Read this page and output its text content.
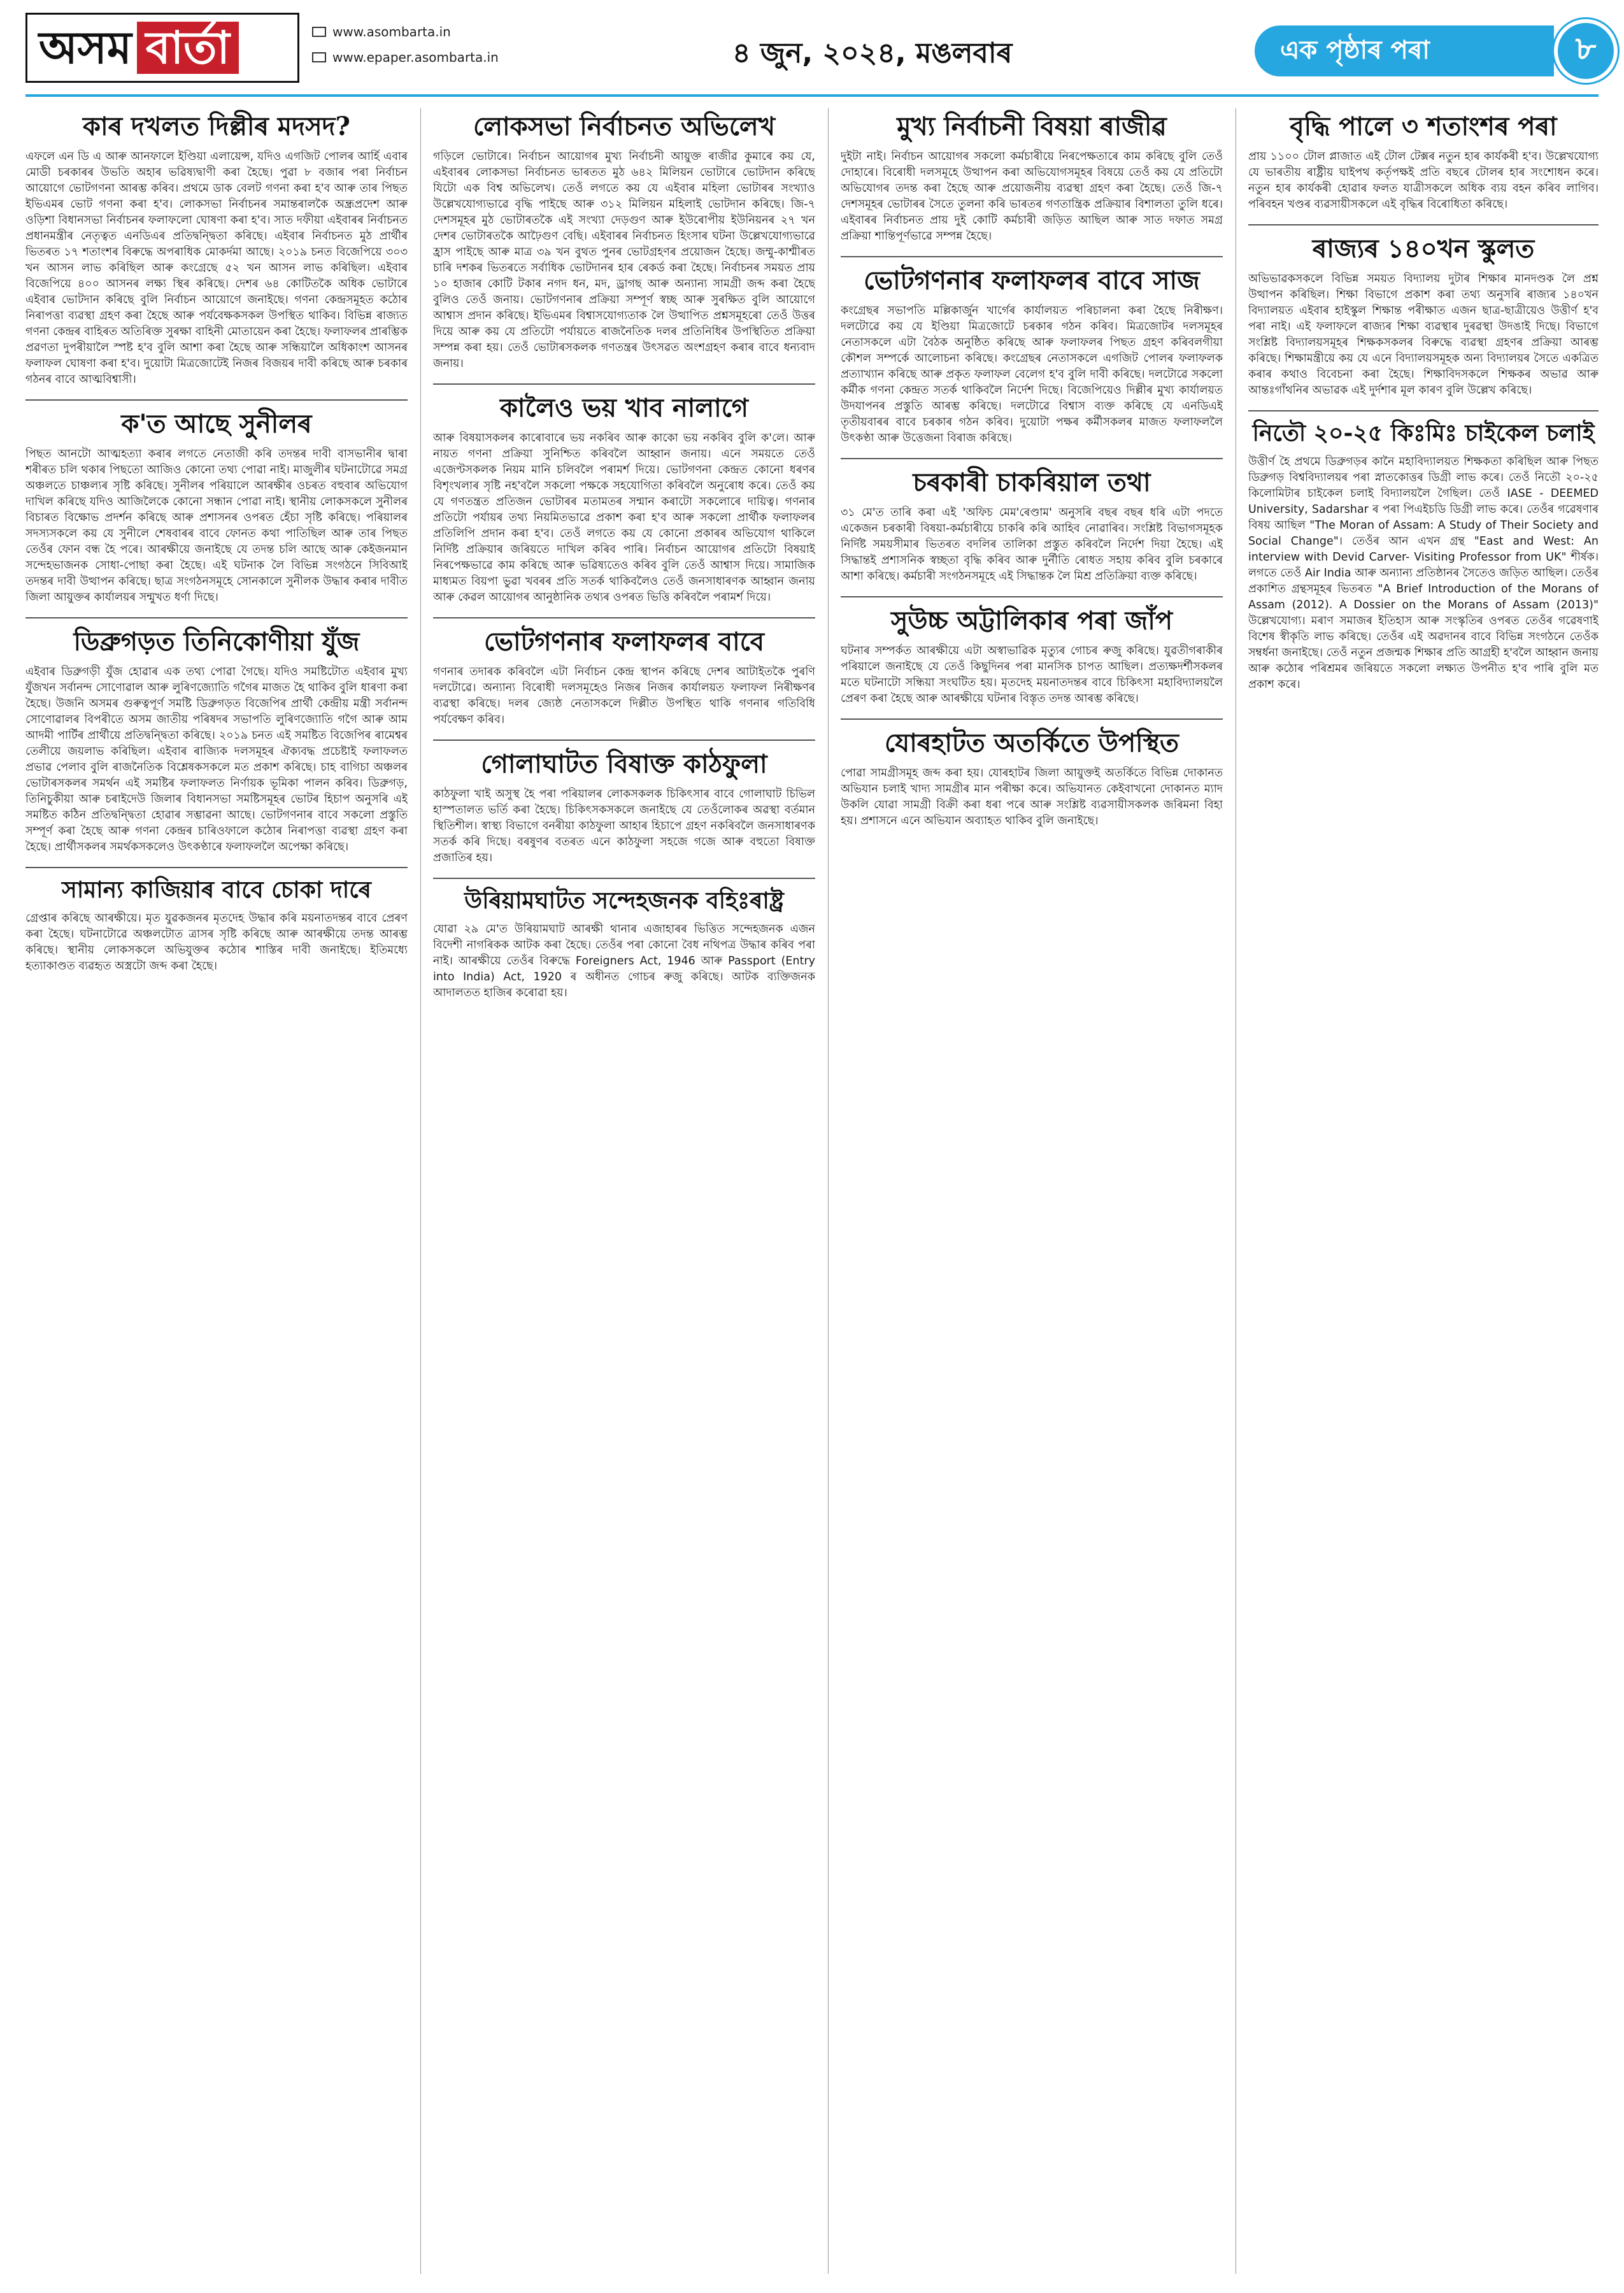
অসম বাৰ্তা	www.asombarta.in
www.epaper.asombarta.in	৪ জুন, ২০২৪, মঙলবাৰ	এক পৃষ্ঠাৰ পৰা	৮
কাৰ দখলত দিল্লীৰ মদসদ?
এফলে এন ডি এ আৰু আনফালে ইণ্ডিয়া এলায়েন্স, যদিও এগজিট পোলৰ আৰ্হি এবাৰ মোডী চৰকাৰৰ উভতি অহাৰ ভৱিষ্যদ্বাণী কৰা হৈছে। পুৱা ৮ বজাৰ পৰা নিৰ্বাচন আয়োগে ভোটগণনা আৰম্ভ কৰিব। প্ৰথমে ডাক বেলট গণনা কৰা হ'ব আৰু তাৰ পিছত ইভিএমৰ ভোট গণনা কৰা হ'ব। লোকসভা নিৰ্বাচনৰ সমান্তৰালকৈ অন্ধ্ৰপ্ৰদেশ আৰু ওড়িশা বিধানসভা নিৰ্বাচনৰ ফলাফলো ঘোষণা কৰা হ'ব। সাত দফীয়া এইবাৰৰ নিৰ্বাচনত প্ৰধানমন্ত্ৰীৰ নেতৃত্বত এনডিএৰ প্ৰতিদ্বন্দ্বিতা কৰিছে। এইবাৰ নিৰ্বাচনত মুঠ প্ৰাৰ্থীৰ ভিতৰত ১৭ শতাংশৰ বিৰুদ্ধে অপৰাধিক মোকৰ্দমা আছে। ২০১৯ চনত বিজেপিয়ে ৩০৩ খন আসন লাভ কৰিছিল আৰু কংগ্ৰেছে ৫২ খন আসন লাভ কৰিছিল। এইবাৰ বিজেপিয়ে ৪০০ আসনৰ লক্ষ্য স্থিৰ কৰিছে। দেশৰ ৬৪ কোটিতকৈ অধিক ভোটাৰে এইবাৰ ভোটদান কৰিছে বুলি নিৰ্বাচন আয়োগে জনাইছে। গণনা কেন্দ্ৰসমূহত কঠোৰ নিৰাপত্তা ব্যৱস্থা গ্ৰহণ কৰা হৈছে আৰু পৰ্যবেক্ষকসকল উপস্থিত থাকিব। বিভিন্ন ৰাজ্যত গণনা কেন্দ্ৰৰ বাহিৰত অতিৰিক্ত সুৰক্ষা বাহিনী মোতায়েন কৰা হৈছে। ফলাফলৰ প্ৰাৰম্ভিক প্ৰৱণতা দুপৰীয়ালৈ স্পষ্ট হ'ব বুলি আশা কৰা হৈছে আৰু সন্ধিয়ালৈ অধিকাংশ আসনৰ ফলাফল ঘোষণা কৰা হ'ব। দুয়োটা মিত্ৰজোটেই নিজৰ বিজয়ৰ দাবী কৰিছে আৰু চৰকাৰ গঠনৰ বাবে আত্মবিশ্বাসী।
ক'ত আছে সুনীলৰ
পিছত আনটো আত্মহত্যা কৰাৰ লগতে নেতাজী কৰি তদন্তৰ দাবী বাসভানীৰ দ্বাৰা শৰীৰত চলি থকাৰ পিছতো আজিও কোনো তথ্য পোৱা নাই। মাজুলীৰ ঘটনাটোৱে সমগ্ৰ অঞ্চলতে চাঞ্চল্যৰ সৃষ্টি কৰিছে। সুনীলৰ পৰিয়ালে আৰক্ষীৰ ওচৰত বহুবাৰ অভিযোগ দাখিল কৰিছে যদিও আজিলৈকে কোনো সন্ধান পোৱা নাই। স্থানীয় লোকসকলে সুনীলৰ বিচাৰত বিক্ষোভ প্ৰদৰ্শন কৰিছে আৰু প্ৰশাসনৰ ওপৰত হেঁচা সৃষ্টি কৰিছে। পৰিয়ালৰ সদস্যসকলে কয় যে সুনীলে শেষবাৰৰ বাবে ফোনত কথা পাতিছিল আৰু তাৰ পিছত তেওঁৰ ফোন বন্ধ হৈ পৰে। আৰক্ষীয়ে জনাইছে যে তদন্ত চলি আছে আৰু কেইজনমান সন্দেহভাজনক সোধা-পোছা কৰা হৈছে। এই ঘটনাক লৈ বিভিন্ন সংগঠনে সিবিআই তদন্তৰ দাবী উত্থাপন কৰিছে। ছাত্ৰ সংগঠনসমূহে সোনকালে সুনীলক উদ্ধাৰ কৰাৰ দাবীত জিলা আয়ুক্তৰ কাৰ্যালয়ৰ সন্মুখত ধৰ্ণা দিছে।
ডিব্ৰুগড়ত তিনিকোণীয়া যুঁজ
এইবাৰ ডিব্ৰুগড়ী যুঁজ হোৱাৰ এক তথ্য পোৱা গৈছে। যদিও সমষ্টিটোত এইবাৰ মুখ্য যুঁজখন সৰ্বানন্দ সোণোৱাল আৰু লুৰিণজ্যোতি গগৈৰ মাজত হৈ থাকিব বুলি ধাৰণা কৰা হৈছে। উজনি অসমৰ গুৰুত্বপূৰ্ণ সমষ্টি ডিব্ৰুগড়ত বিজেপিৰ প্ৰাৰ্থী কেন্দ্ৰীয় মন্ত্ৰী সৰ্বানন্দ সোণোৱালৰ বিপৰীতে অসম জাতীয় পৰিষদৰ সভাপতি লুৰিণজ্যোতি গগৈ আৰু আম আদমী পাৰ্টিৰ প্ৰাৰ্থীয়ে প্ৰতিদ্বন্দ্বিতা কৰিছে। ২০১৯ চনত এই সমষ্টিত বিজেপিৰ ৰামেশ্বৰ তেলীয়ে জয়লাভ কৰিছিল। এইবাৰ ৰাজ্যিক দলসমূহৰ ঐক্যবদ্ধ প্ৰচেষ্টাই ফলাফলত প্ৰভাৱ পেলাব বুলি ৰাজনৈতিক বিশ্লেষকসকলে মত প্ৰকাশ কৰিছে। চাহ বাগিচা অঞ্চলৰ ভোটাৰসকলৰ সমৰ্থন এই সমষ্টিৰ ফলাফলত নিৰ্ণায়ক ভূমিকা পালন কৰিব। ডিব্ৰুগড়, তিনিচুকীয়া আৰু চৰাইদেউ জিলাৰ বিধানসভা সমষ্টিসমূহৰ ভোটৰ হিচাপ অনুসৰি এই সমষ্টিত কঠিন প্ৰতিদ্বন্দ্বিতা হোৱাৰ সম্ভাৱনা আছে। ভোটগণনাৰ বাবে সকলো প্ৰস্তুতি সম্পূৰ্ণ কৰা হৈছে আৰু গণনা কেন্দ্ৰৰ চাৰিওফালে কঠোৰ নিৰাপত্তা ব্যৱস্থা গ্ৰহণ কৰা হৈছে। প্ৰাৰ্থীসকলৰ সমৰ্থকসকলেও উৎকণ্ঠাৰে ফলাফললৈ অপেক্ষা কৰিছে।
সামান্য কাজিয়াৰ বাবে চোকা দাৰে
গ্ৰেপ্তাৰ কৰিছে আৰক্ষীয়ে। মৃত যুৱকজনৰ মৃতদেহ উদ্ধাৰ কৰি ময়নাতদন্তৰ বাবে প্ৰেৰণ কৰা হৈছে। ঘটনাটোৱে অঞ্চলটোত ত্ৰাসৰ সৃষ্টি কৰিছে আৰু আৰক্ষীয়ে তদন্ত আৰম্ভ কৰিছে। স্থানীয় লোকসকলে অভিযুক্তৰ কঠোৰ শাস্তিৰ দাবী জনাইছে। ইতিমধ্যে হত্যাকাণ্ডত ব্যৱহৃত অস্ত্ৰটো জব্দ কৰা হৈছে।
লোকসভা নিৰ্বাচনত অভিলেখ
গড়িলে ভোটাৰে। নিৰ্বাচন আয়োগৰ মুখ্য নিৰ্বাচনী আয়ুক্ত ৰাজীৱ কুমাৰে কয় যে, এইবাৰৰ লোকসভা নিৰ্বাচনত ভাৰতত মুঠ ৬৪২ মিলিয়ন ভোটাৰে ভোটদান কৰিছে যিটো এক বিশ্ব অভিলেখ। তেওঁ লগতে কয় যে এইবাৰ মহিলা ভোটাৰৰ সংখ্যাও উল্লেখযোগ্যভাৱে বৃদ্ধি পাইছে আৰু ৩১২ মিলিয়ন মহিলাই ভোটদান কৰিছে। জি-৭ দেশসমূহৰ মুঠ ভোটাৰতকৈ এই সংখ্যা দেড়গুণ আৰু ইউৰোপীয় ইউনিয়নৰ ২৭ খন দেশৰ ভোটাৰতকৈ আঢ়ৈগুণ বেছি। এইবাৰৰ নিৰ্বাচনত হিংসাৰ ঘটনা উল্লেখযোগ্যভাৱে হ্ৰাস পাইছে আৰু মাত্ৰ ৩৯ খন বুথত পুনৰ ভোটগ্ৰহণৰ প্ৰয়োজন হৈছে। জম্মু-কাশ্মীৰত চাৰি দশকৰ ভিতৰতে সৰ্বাধিক ভোটদানৰ হাৰ ৰেকৰ্ড কৰা হৈছে। নিৰ্বাচনৰ সময়ত প্ৰায় ১০ হাজাৰ কোটি টকাৰ নগদ ধন, মদ, ড্ৰাগছ আৰু অন্যান্য সামগ্ৰী জব্দ কৰা হৈছে বুলিও তেওঁ জনায়। ভোটগণনাৰ প্ৰক্ৰিয়া সম্পূৰ্ণ স্বচ্ছ আৰু সুৰক্ষিত বুলি আয়োগে আশ্বাস প্ৰদান কৰিছে। ইভিএমৰ বিশ্বাসযোগ্যতাক লৈ উত্থাপিত প্ৰশ্নসমূহৰো তেওঁ উত্তৰ দিয়ে আৰু কয় যে প্ৰতিটো পৰ্যায়তে ৰাজনৈতিক দলৰ প্ৰতিনিধিৰ উপস্থিতিত প্ৰক্ৰিয়া সম্পন্ন কৰা হয়। তেওঁ ভোটাৰসকলক গণতন্ত্ৰৰ উৎসৱত অংশগ্ৰহণ কৰাৰ বাবে ধন্যবাদ জনায়।
কালৈও ভয় খাব নালাগে
আৰু বিষয়াসকলৰ কাৰোবাৰে ভয় নকৰিব আৰু কাকো ভয় নকৰিব বুলি ক'লে। আৰু নায়ত গণনা প্ৰক্ৰিয়া সুনিশ্চিত কৰিবলৈ আহ্বান জনায়। এনে সময়তে তেওঁ এজেণ্টসকলক নিয়ম মানি চলিবলৈ পৰামৰ্শ দিয়ে। ভোটগণনা কেন্দ্ৰত কোনো ধৰণৰ বিশৃংখলাৰ সৃষ্টি নহ'বলৈ সকলো পক্ষকে সহযোগিতা কৰিবলৈ অনুৰোধ কৰে। তেওঁ কয় যে গণতন্ত্ৰত প্ৰতিজন ভোটাৰৰ মতামতৰ সন্মান কৰাটো সকলোৰে দায়িত্ব। গণনাৰ প্ৰতিটো পৰ্যায়ৰ তথ্য নিয়মিতভাৱে প্ৰকাশ কৰা হ'ব আৰু সকলো প্ৰাৰ্থীক ফলাফলৰ প্ৰতিলিপি প্ৰদান কৰা হ'ব। তেওঁ লগতে কয় যে কোনো প্ৰকাৰৰ অভিযোগ থাকিলে নিৰ্দিষ্ট প্ৰক্ৰিয়াৰ জৰিয়তে দাখিল কৰিব পাৰি। নিৰ্বাচন আয়োগৰ প্ৰতিটো বিষয়াই নিৰপেক্ষভাৱে কাম কৰিছে আৰু ভৱিষ্যতেও কৰিব বুলি তেওঁ আশ্বাস দিয়ে। সামাজিক মাধ্যমত বিয়পা ভুৱা খবৰৰ প্ৰতি সতৰ্ক থাকিবলৈও তেওঁ জনসাধাৰণক আহ্বান জনায় আৰু কেৱল আয়োগৰ আনুষ্ঠানিক তথ্যৰ ওপৰত ভিত্তি কৰিবলৈ পৰামৰ্শ দিয়ে।
ভোটগণনাৰ ফলাফলৰ বাবে
গণনাৰ তদাৰক কৰিবলৈ এটা নিৰ্বাচন কেন্দ্ৰ স্থাপন কৰিছে দেশৰ আটাইতকৈ পুৰণি দলটোৱে। অন্যান্য বিৰোধী দলসমূহেও নিজৰ নিজৰ কাৰ্যালয়ত ফলাফল নিৰীক্ষণৰ ব্যৱস্থা কৰিছে। দলৰ জ্যেষ্ঠ নেতাসকলে দিল্লীত উপস্থিত থাকি গণনাৰ গতিবিধি পৰ্যবেক্ষণ কৰিব।
গোলাঘাটত বিষাক্ত কাঠফুলা
কাঠফুলা খাই অসুস্থ হৈ পৰা পৰিয়ালৰ লোকসকলক চিকিৎসাৰ বাবে গোলাঘাট চিভিল হাস্পতালত ভৰ্তি কৰা হৈছে। চিকিৎসকসকলে জনাইছে যে তেওঁলোকৰ অৱস্থা বৰ্তমান স্থিতিশীল। স্বাস্থ্য বিভাগে বনৰীয়া কাঠফুলা আহাৰ হিচাপে গ্ৰহণ নকৰিবলৈ জনসাধাৰণক সতৰ্ক কৰি দিছে। বৰষুণৰ বতৰত এনে কাঠফুলা সহজে গজে আৰু বহুতো বিষাক্ত প্ৰজাতিৰ হয়।
উৰিয়ামঘাটত সন্দেহজনক বহিঃৰাষ্ট্ৰ
যোৱা ২৯ মে'ত উৰিয়ামঘাট আৰক্ষী থানাৰ এজাহাৰৰ ভিত্তিত সন্দেহজনক এজন বিদেশী নাগৰিকক আটক কৰা হৈছে। তেওঁৰ পৰা কোনো বৈধ নথিপত্ৰ উদ্ধাৰ কৰিব পৰা নাই। আৰক্ষীয়ে তেওঁৰ বিৰুদ্ধে Foreigners Act, 1946 আৰু Passport (Entry into India) Act, 1920 ৰ অধীনত গোচৰ ৰুজু কৰিছে। আটক ব্যক্তিজনক আদালতত হাজিৰ কৰোৱা হয়।
মুখ্য নিৰ্বাচনী বিষয়া ৰাজীৱ
দুইটা নাই। নিৰ্বাচন আয়োগৰ সকলো কৰ্মচাৰীয়ে নিৰপেক্ষতাৰে কাম কৰিছে বুলি তেওঁ দোহাৰে। বিৰোধী দলসমূহে উত্থাপন কৰা অভিযোগসমূহৰ বিষয়ে তেওঁ কয় যে প্ৰতিটো অভিযোগৰ তদন্ত কৰা হৈছে আৰু প্ৰয়োজনীয় ব্যৱস্থা গ্ৰহণ কৰা হৈছে। তেওঁ জি-৭ দেশসমূহৰ ভোটাৰৰ সৈতে তুলনা কৰি ভাৰতৰ গণতান্ত্ৰিক প্ৰক্ৰিয়াৰ বিশালতা তুলি ধৰে। এইবাৰৰ নিৰ্বাচনত প্ৰায় দুই কোটি কৰ্মচাৰী জড়িত আছিল আৰু সাত দফাত সমগ্ৰ প্ৰক্ৰিয়া শান্তিপূৰ্ণভাৱে সম্পন্ন হৈছে।
ভোটগণনাৰ ফলাফলৰ বাবে সাজ
কংগ্ৰেছৰ সভাপতি মল্লিকাৰ্জুন খাৰ্গেৰ কাৰ্যালয়ত পৰিচালনা কৰা হৈছে নিৰীক্ষণ। দলটোৱে কয় যে ইণ্ডিয়া মিত্ৰজোটে চৰকাৰ গঠন কৰিব। মিত্ৰজোটৰ দলসমূহৰ নেতাসকলে এটা বৈঠক অনুষ্ঠিত কৰিছে আৰু ফলাফলৰ পিছত গ্ৰহণ কৰিবলগীয়া কৌশল সম্পৰ্কে আলোচনা কৰিছে। কংগ্ৰেছৰ নেতাসকলে এগজিট পোলৰ ফলাফলক প্ৰত্যাখ্যান কৰিছে আৰু প্ৰকৃত ফলাফল বেলেগ হ'ব বুলি দাবী কৰিছে। দলটোৱে সকলো কৰ্মীক গণনা কেন্দ্ৰত সতৰ্ক থাকিবলৈ নিৰ্দেশ দিছে। বিজেপিয়েও দিল্লীৰ মুখ্য কাৰ্যালয়ত উদযাপনৰ প্ৰস্তুতি আৰম্ভ কৰিছে। দলটোৱে বিশ্বাস ব্যক্ত কৰিছে যে এনডিএই তৃতীয়বাৰৰ বাবে চৰকাৰ গঠন কৰিব। দুয়োটা পক্ষৰ কৰ্মীসকলৰ মাজত ফলাফললৈ উৎকণ্ঠা আৰু উত্তেজনা বিৰাজ কৰিছে।
চৰকাৰী চাকৰিয়াল তথা
৩১ মে'ত তাৰি কৰা এই 'অফিচ মেম'ৰেণ্ডাম' অনুসৰি বছৰ বছৰ ধৰি এটা পদতে একেজন চৰকাৰী বিষয়া-কৰ্মচাৰীয়ে চাকৰি কৰি আহিব নোৱাৰিব। সংশ্লিষ্ট বিভাগসমূহক নিৰ্দিষ্ট সময়সীমাৰ ভিতৰত বদলিৰ তালিকা প্ৰস্তুত কৰিবলৈ নিৰ্দেশ দিয়া হৈছে। এই সিদ্ধান্তই প্ৰশাসনিক স্বচ্ছতা বৃদ্ধি কৰিব আৰু দুৰ্নীতি ৰোধত সহায় কৰিব বুলি চৰকাৰে আশা কৰিছে। কৰ্মচাৰী সংগঠনসমূহে এই সিদ্ধান্তক লৈ মিশ্ৰ প্ৰতিক্ৰিয়া ব্যক্ত কৰিছে।
সুউচ্চ অট্টালিকাৰ পৰা জাঁপ
ঘটনাৰ সম্পৰ্কত আৰক্ষীয়ে এটা অস্বাভাৱিক মৃত্যুৰ গোচৰ ৰুজু কৰিছে। যুৱতীগৰাকীৰ পৰিয়ালে জনাইছে যে তেওঁ কিছুদিনৰ পৰা মানসিক চাপত আছিল। প্ৰত্যক্ষদৰ্শীসকলৰ মতে ঘটনাটো সন্ধিয়া সংঘটিত হয়। মৃতদেহ ময়নাতদন্তৰ বাবে চিকিৎসা মহাবিদ্যালয়লৈ প্ৰেৰণ কৰা হৈছে আৰু আৰক্ষীয়ে ঘটনাৰ বিস্তৃত তদন্ত আৰম্ভ কৰিছে।
যোৰহাটত অতৰ্কিতে উপস্থিত
পোৱা সামগ্ৰীসমূহ জব্দ কৰা হয়। যোৰহাটৰ জিলা আয়ুক্তই অতৰ্কিতে বিভিন্ন দোকানত অভিযান চলাই খাদ্য সামগ্ৰীৰ মান পৰীক্ষা কৰে। অভিযানত কেইবাখনো দোকানত ম্যাদ উকলি যোৱা সামগ্ৰী বিক্ৰী কৰা ধৰা পৰে আৰু সংশ্লিষ্ট ব্যৱসায়ীসকলক জৰিমনা বিহা হয়। প্ৰশাসনে এনে অভিযান অব্যাহত থাকিব বুলি জনাইছে।
বৃদ্ধি পালে ৩ শতাংশৰ পৰা
প্ৰায় ১১০০ টোল প্লাজাত এই টোল টেক্সৰ নতুন হাৰ কাৰ্যকৰী হ'ব। উল্লেখযোগ্য যে ভাৰতীয় ৰাষ্ট্ৰীয় ঘাইপথ কৰ্তৃপক্ষই প্ৰতি বছৰে টোলৰ হাৰ সংশোধন কৰে। নতুন হাৰ কাৰ্যকৰী হোৱাৰ ফলত যাত্ৰীসকলে অধিক ব্যয় বহন কৰিব লাগিব। পৰিবহন খণ্ডৰ ব্যৱসায়ীসকলে এই বৃদ্ধিৰ বিৰোধিতা কৰিছে।
ৰাজ্যৰ ১৪০খন স্কুলত
অভিভাৱকসকলে বিভিন্ন সময়ত বিদ্যালয় দুটাৰ শিক্ষাৰ মানদণ্ডক লৈ প্ৰশ্ন উত্থাপন কৰিছিল। শিক্ষা বিভাগে প্ৰকাশ কৰা তথ্য অনুসৰি ৰাজ্যৰ ১৪০খন বিদ্যালয়ত এইবাৰ হাইস্কুল শিক্ষান্ত পৰীক্ষাত এজন ছাত্ৰ-ছাত্ৰীয়েও উত্তীৰ্ণ হ'ব পৰা নাই। এই ফলাফলে ৰাজ্যৰ শিক্ষা ব্যৱস্থাৰ দুৰৱস্থা উদঙাই দিছে। বিভাগে সংশ্লিষ্ট বিদ্যালয়সমূহৰ শিক্ষকসকলৰ বিৰুদ্ধে ব্যৱস্থা গ্ৰহণৰ প্ৰক্ৰিয়া আৰম্ভ কৰিছে। শিক্ষামন্ত্ৰীয়ে কয় যে এনে বিদ্যালয়সমূহক অন্য বিদ্যালয়ৰ সৈতে একত্ৰিত কৰাৰ কথাও বিবেচনা কৰা হৈছে। শিক্ষাবিদসকলে শিক্ষকৰ অভাৱ আৰু আন্তঃগাঁথনিৰ অভাৱক এই দুৰ্দশাৰ মূল কাৰণ বুলি উল্লেখ কৰিছে।
নিতৌ ২০-২৫ কিঃমিঃ চাইকেল চলাই
উত্তীৰ্ণ হৈ প্ৰথমে ডিব্ৰুগড়ৰ কানৈ মহাবিদ্যালয়ত শিক্ষকতা কৰিছিল আৰু পিছত ডিব্ৰুগড় বিশ্ববিদ্যালয়ৰ পৰা স্নাতকোত্তৰ ডিগ্ৰী লাভ কৰে। তেওঁ নিতৌ ২০-২৫ কিলোমিটাৰ চাইকেল চলাই বিদ্যালয়লৈ গৈছিল। তেওঁ IASE - DEEMED University, Sadarshar ৰ পৰা পিএইচডি ডিগ্ৰী লাভ কৰে। তেওঁৰ গৱেষণাৰ বিষয় আছিল "The Moran of Assam: A Study of Their Society and Social Change"। তেওঁৰ আন এখন গ্ৰন্থ "East and West: An interview with Devid Carver- Visiting Professor from UK" শীৰ্ষক। লগতে তেওঁ Air India আৰু অন্যান্য প্ৰতিষ্ঠানৰ সৈতেও জড়িত আছিল। তেওঁৰ প্ৰকাশিত গ্ৰন্থসমূহৰ ভিতৰত "A Brief Introduction of the Morans of Assam (2012). A Dossier on the Morans of Assam (2013)" উল্লেখযোগ্য। মৰাণ সমাজৰ ইতিহাস আৰু সংস্কৃতিৰ ওপৰত তেওঁৰ গৱেষণাই বিশেষ স্বীকৃতি লাভ কৰিছে। তেওঁৰ এই অৱদানৰ বাবে বিভিন্ন সংগঠনে তেওঁক সম্বৰ্ধনা জনাইছে। তেওঁ নতুন প্ৰজন্মক শিক্ষাৰ প্ৰতি আগ্ৰহী হ'বলৈ আহ্বান জনায় আৰু কঠোৰ পৰিশ্ৰমৰ জৰিয়তে সকলো লক্ষ্যত উপনীত হ'ব পাৰি বুলি মত প্ৰকাশ কৰে।
